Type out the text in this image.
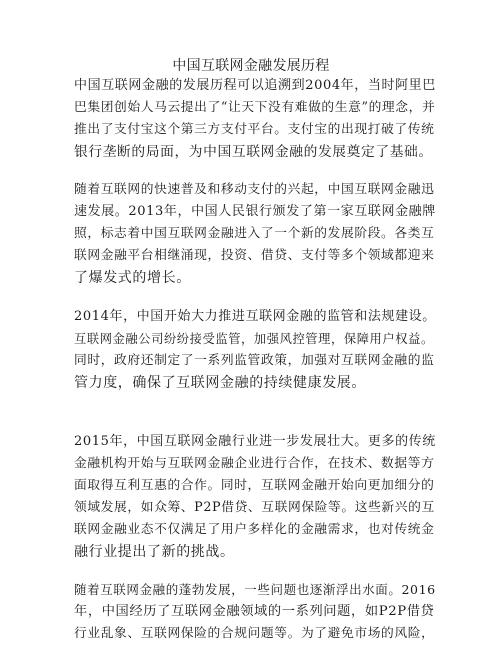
中国互联网金融发展历程
中国互联网金融的发展历程可以追溯到2004年，当时阿里巴
巴集团创始人马云提出了“让天下没有难做的生意”的理念，并
推出了支付宝这个第三方支付平台。支付宝的出现打破了传统
银行垄断的局面，为中国互联网金融的发展奠定了基础。
随着互联网的快速普及和移动支付的兴起，中国互联网金融迅
速发展。2013年，中国人民银行颁发了第一家互联网金融牌
照，标志着中国互联网金融进入了一个新的发展阶段。各类互
联网金融平台相继涌现，投资、借贷、支付等多个领域都迎来
了爆发式的增长。
2014年，中国开始大力推进互联网金融的监管和法规建设。
互联网金融公司纷纷接受监管，加强风控管理，保障用户权益。
同时，政府还制定了一系列监管政策，加强对互联网金融的监
管力度，确保了互联网金融的持续健康发展。
2015年，中国互联网金融行业进一步发展壮大。更多的传统
金融机构开始与互联网金融企业进行合作，在技术、数据等方
面取得互利互惠的合作。同时，互联网金融开始向更加细分的
领域发展，如众筹、P2P借贷、互联网保险等。这些新兴的互
联网金融业态不仅满足了用户多样化的金融需求，也对传统金
融行业提出了新的挑战。
随着互联网金融的蓬勃发展，一些问题也逐渐浮出水面。2016
年，中国经历了互联网金融领域的一系列问题，如P2P借贷
行业乱象、互联网保险的合规问题等。为了避免市场的风险，
